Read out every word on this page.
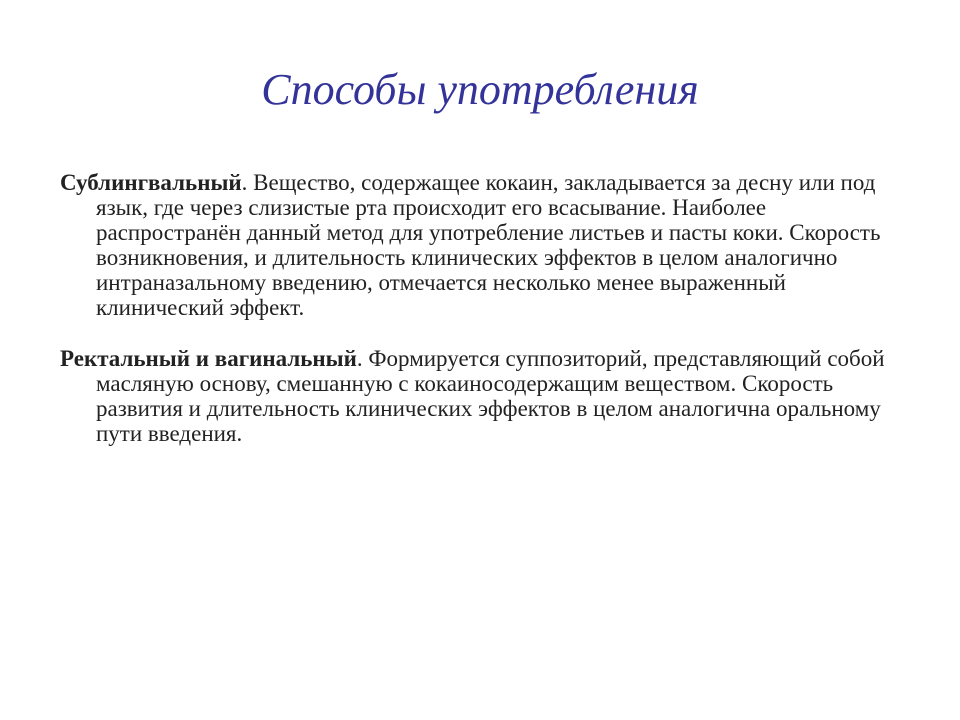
Способы употребления

Сублингвальный. Вещество, содержащее кокаин, закладывается за десну или под язык, где через слизистые рта происходит его всасывание. Наиболее распространён данный метод для употребление листьев и пасты коки. Скорость возникновения, и длительность клинических эффектов в целом аналогично интраназальному введению, отмечается несколько менее выраженный клинический эффект.

Ректальный и вагинальный. Формируется суппозиторий, представляющий собой масляную основу, смешанную с кокаиносодержащим веществом. Скорость развития и длительность клинических эффектов в целом аналогична оральному пути введения.
